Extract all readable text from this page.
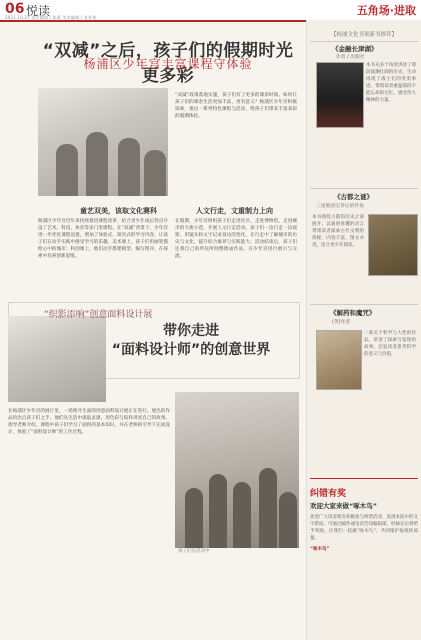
06 悦读
2021.10.27 责任编辑 / 陈燕 美术编辑 / 张景春
五角场·进取
“双减”之后，孩子们的假期时光更多彩
杨浦区少年宫丰富课程守体验
“双减”政策落地实施，孩子们有了更多的课余时间。如何让孩子们的课余生活更加丰富、更有意义？杨浦区少年宫积极探索，推出一系列特色课程与活动，给孩子们带来丰富多彩的假期体验。
童艺双美，该取文化赛科
杨浦区少年宫近年来持续推进课程改革，结合青少年成长特点开设了艺术、科技、体育等多门类课程。在“双减”背景下，少年宫进一步优化课程设置，增加了体验式、探究式的学习内容，让孩子们在动手实践中感受学习的乐趣。美术课上，孩子们用画笔描绘心中的城市；科创课上，他们动手搭建模型、编写程序，在探索中培养创新思维。
人文行走，文重制力上向
在假期，少年宫组织孩子们走进社区、走进博物馆、走进城市的大街小巷，开展人文行走活动。孩子们一边行走一边观察，用镜头和文字记录身边的变化，在行走中了解城市的历史与文化，提升综合素养与实践能力。活动结束后，孩子们还将自己的所见所闻整理成作品，在少年宫进行展示与交流。
“织影添响”创意面料设计展
带你走进
“面料设计师”的创意世界
在杨浦区少年宫的展厅里，一场别开生面的创意面料设计展正在进行。展出的作品均出自孩子们之手，他们从生活中汲取灵感，用色彩与纹样讲述自己的故事。指导老师介绍，课程中孩子们学习了面料的基本知识，并在老师的引导下完成设计，体验了“面料设计师”的工作过程。
孩子们在活动中
【杨浦文化书架新书推荐】
《金融长津湖》
作者 / 出版社
本书从多个角度讲述了那段波澜壮阔的历史，生动再现了战士们的英勇事迹，带领读者重温那段不能忘却的记忆，感受伟大精神的力量。
《古都之谜》
三星堆国宝背后的传说
本书围绕古都的历史之谜展开，以通俗易懂的语言带领读者探索古代文明的奥秘，内容丰富，图文并茂，适合青少年阅读。
《解药和魔咒》
(英)作者
一部关于科学与人性的作品，讲述了探索与发现的故事，启发读者思考科学的意义与价值。
纠错有奖
欢迎大家来做“啄木鸟”
欢迎广大读者朋友积极参与纠错活动，发现本报中的文字错误，可通过邮件或电话告知编辑部，经核实后将给予奖励。让我们一起做“啄木鸟”，共同维护报纸的质量。
“啄木鸟”
